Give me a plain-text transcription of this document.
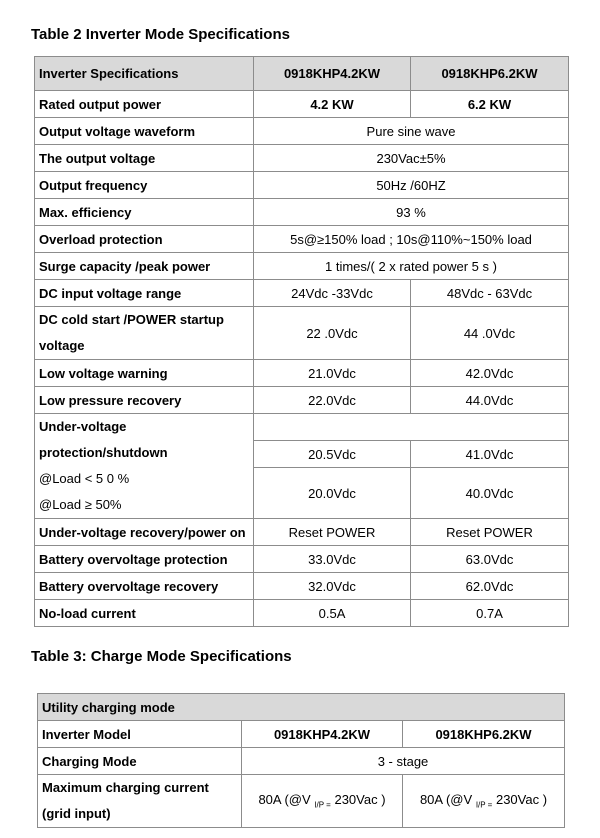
Table 2 Inverter Mode Specifications
Inverter Specifications	0918KHP4.2KW	0918KHP6.2KW
Rated output power	4.2 KW	6.2 KW
Output voltage waveform	Pure sine wave	
The output voltage	230Vac±5%	
Output frequency	50Hz /60HZ	
Max. efficiency	93 %	
Overload protection	5s@≥150% load ; 10s@110%~150% load	
Surge capacity /peak power	1 times/( 2 x rated power 5 s )	
DC input voltage range	24Vdc -33Vdc	48Vdc - 63Vdc

DC cold start /POWER startup
voltage	22 .0Vdc	44 .0Vdc
Low voltage warning	21.0Vdc	42.0Vdc
Low pressure recovery	22.0Vdc	44.0Vdc

Under-voltage
protection/shutdown
@Load < 5 0 %
@Load ≥ 50%		

	20.5Vdc	41.0Vdc
	20.0Vdc	40.0Vdc

Under-voltage recovery/power on	Reset POWER	Reset POWER
Battery overvoltage protection	33.0Vdc	63.0Vdc
Battery overvoltage recovery	32.0Vdc	62.0Vdc
No-load current	0.5A	0.7A
Table 3: Charge Mode Specifications
Utility charging mode		
Inverter Model	0918KHP4.2KW	0918KHP6.2KW
Charging Mode	3 - stage	

Maximum charging current
(grid input)	80A (@V $_{I/P =}$ 230Vac )	80A (@V $_{I/P =}$ 230Vac )
